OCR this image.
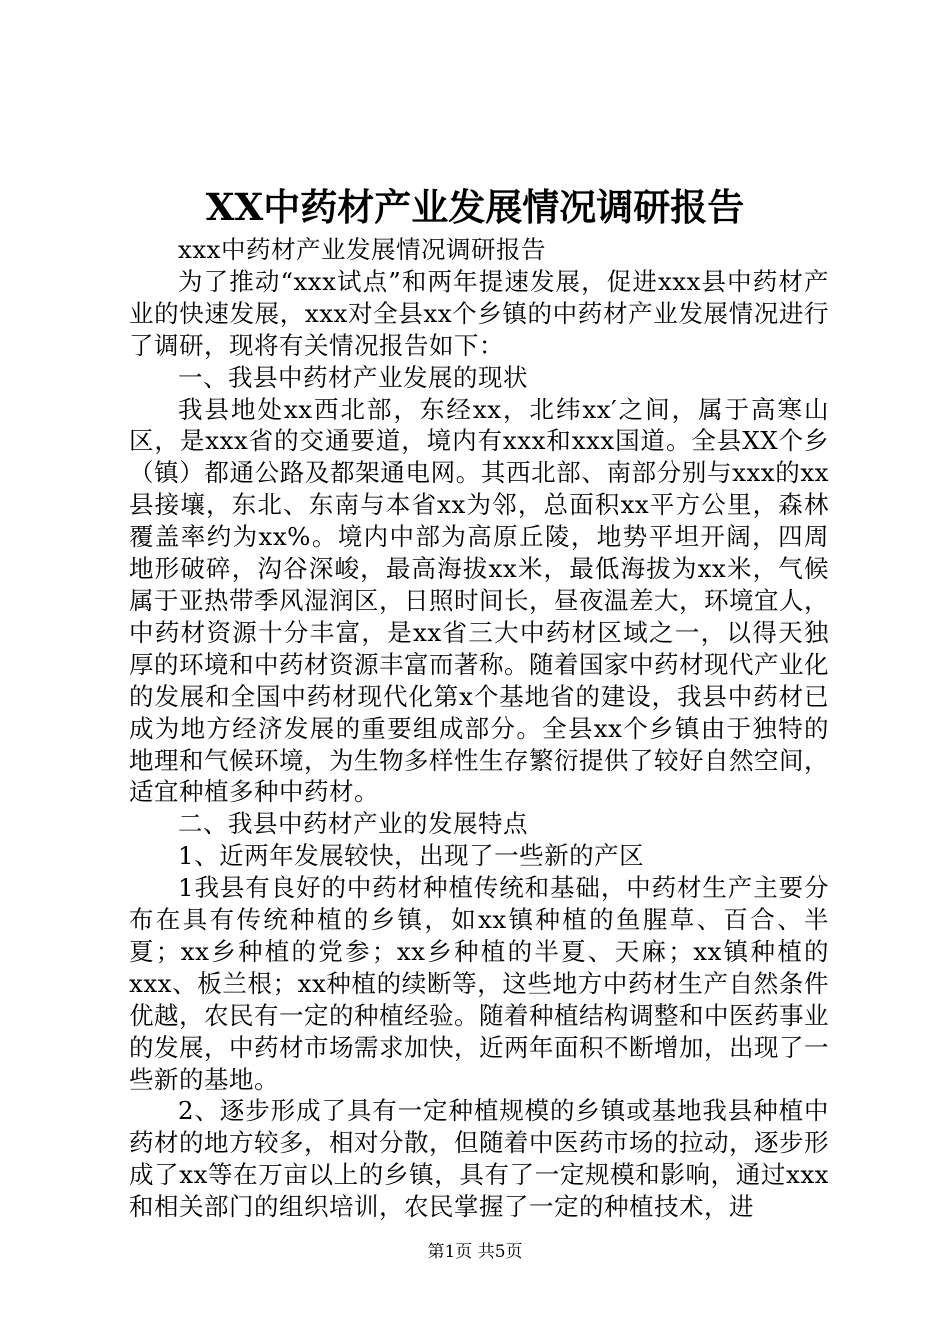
XX中药材产业发展情况调研报告

xxx中药材产业发展情况调研报告

为了推动“xxx试点”和两年提速发展，促进xxx县中药材产业的快速发展，xxx对全县xx个乡镇的中药材产业发展情况进行了调研，现将有关情况报告如下：

一、我县中药材产业发展的现状

我县地处xx西北部，东经xx，北纬xx′之间，属于高寒山区，是xxx省的交通要道，境内有xxx和xxx国道。全县XX个乡（镇）都通公路及都架通电网。其西北部、南部分别与xxx的xx县接壤，东北、东南与本省xx为邻，总面积xx平方公里，森林覆盖率约为xx%。境内中部为高原丘陵，地势平坦开阔，四周地形破碎，沟谷深峻，最高海拔xx米，最低海拔为xx米，气候属于亚热带季风湿润区，日照时间长，昼夜温差大，环境宜人，中药材资源十分丰富，是xx省三大中药材区域之一，以得天独厚的环境和中药材资源丰富而著称。随着国家中药材现代产业化的发展和全国中药材现代化第x个基地省的建设，我县中药材已成为地方经济发展的重要组成部分。全县xx个乡镇由于独特的地理和气候环境，为生物多样性生存繁衍提供了较好自然空间，适宜种植多种中药材。

二、我县中药材产业的发展特点

1、近两年发展较快，出现了一些新的产区

1我县有良好的中药材种植传统和基础，中药材生产主要分布在具有传统种植的乡镇，如xx镇种植的鱼腥草、百合、半夏；xx乡种植的党参；xx乡种植的半夏、天麻；xx镇种植的xxx、板兰根；xx种植的续断等，这些地方中药材生产自然条件优越，农民有一定的种植经验。随着种植结构调整和中医药事业的发展，中药材市场需求加快，近两年面积不断增加，出现了一些新的基地。

2、逐步形成了具有一定种植规模的乡镇或基地我县种植中药材的地方较多，相对分散，但随着中医药市场的拉动，逐步形成了xx等在万亩以上的乡镇，具有了一定规模和影响，通过xxx和相关部门的组织培训，农民掌握了一定的种植技术，进

第1页 共5页
